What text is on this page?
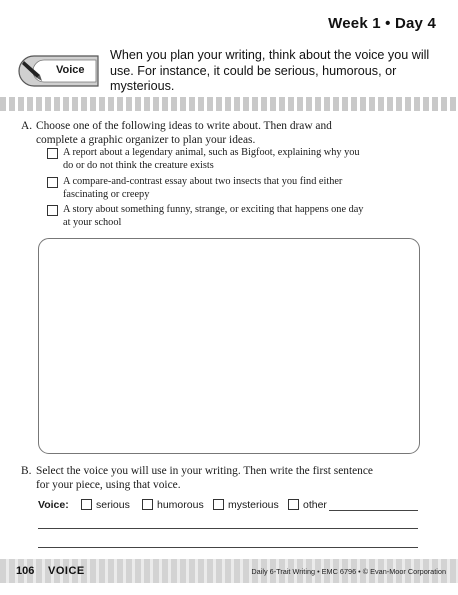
Week 1 • Day 4
Voice
When you plan your writing, think about the voice you will use. For instance, it could be serious, humorous, or mysterious.
A. Choose one of the following ideas to write about. Then draw and complete a graphic organizer to plan your ideas.
A report about a legendary animal, such as Bigfoot, explaining why you do or do not think the creature exists
A compare-and-contrast essay about two insects that you find either fascinating or creepy
A story about something funny, strange, or exciting that happens one day at your school
B. Select the voice you will use in your writing. Then write the first sentence for your piece, using that voice.
Voice:	serious	humorous mysterious other
106 VOICE	Daily 6-Trait Writing • EMC 6796 • © Evan-Moor Corporation
